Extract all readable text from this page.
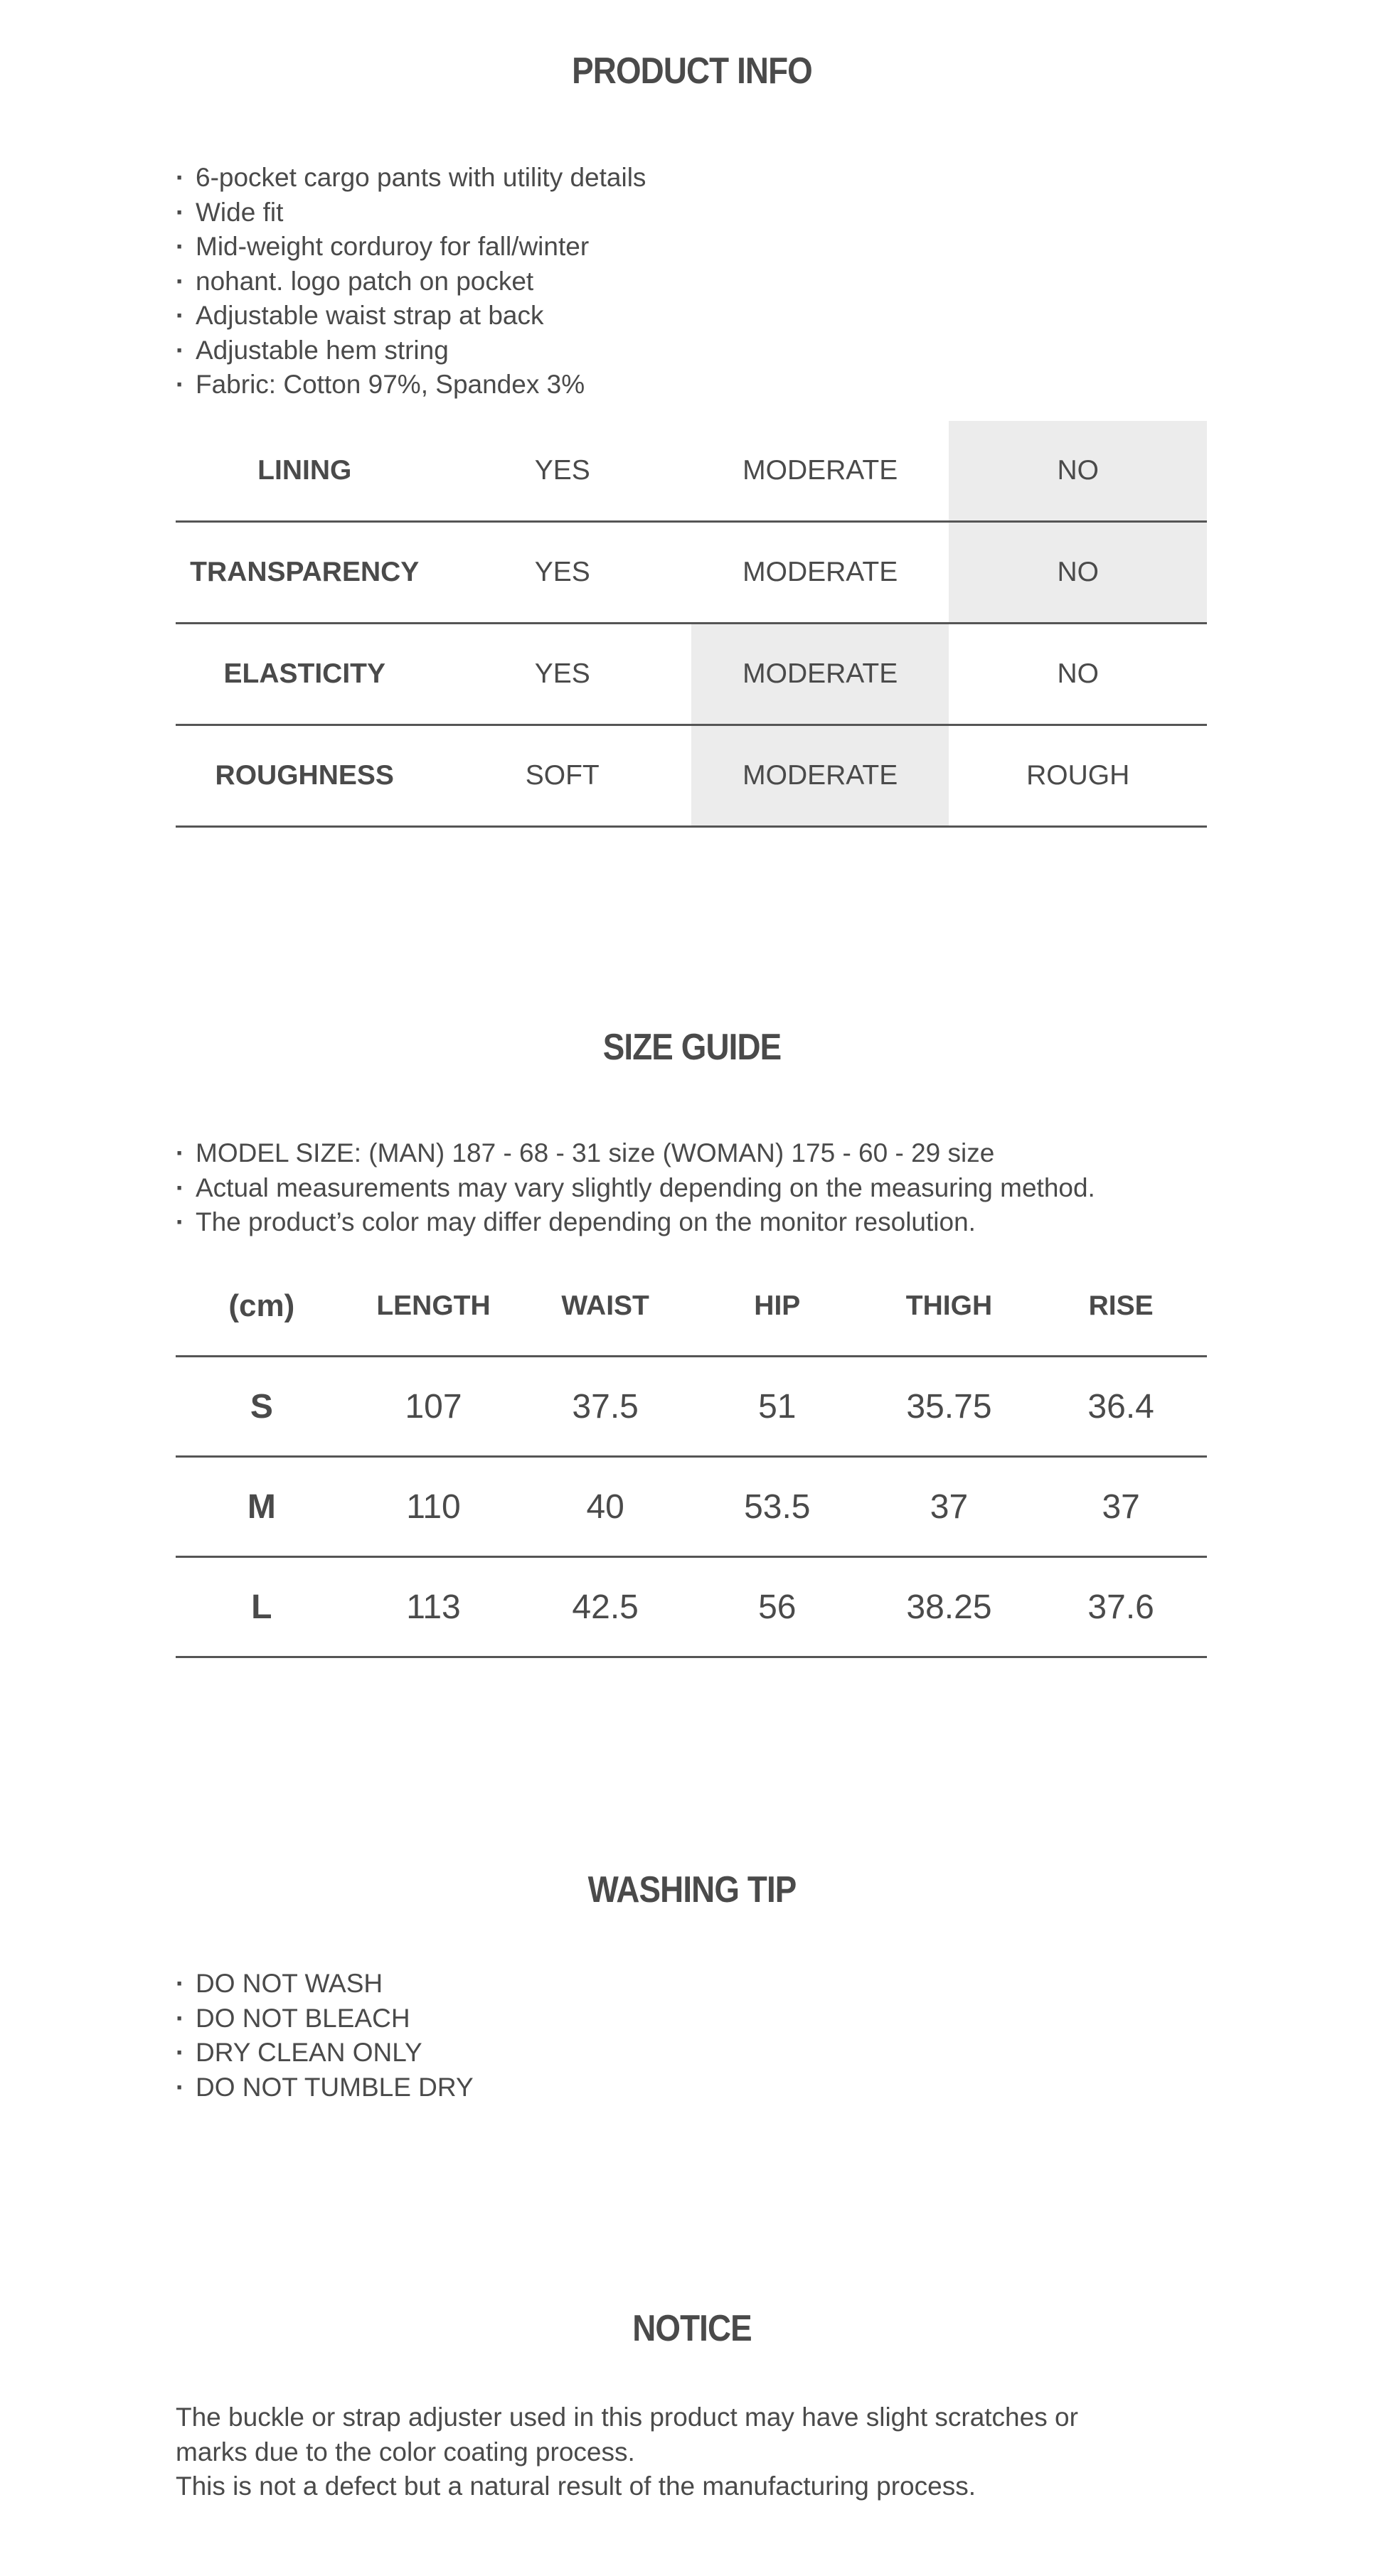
PRODUCT INFO
· 6-pocket cargo pants with utility details
· Wide fit
· Mid-weight corduroy for fall/winter
· nohant. logo patch on pocket
· Adjustable waist strap at back
· Adjustable hem string
· Fabric: Cotton 97%, Spandex 3%
LINING	YES	MODERATE	NO
TRANSPARENCY	YES	MODERATE	NO
ELASTICITY	YES	MODERATE	NO
ROUGHNESS	SOFT	MODERATE	ROUGH
SIZE GUIDE
· MODEL SIZE: (MAN) 187 - 68 - 31 size (WOMAN) 175 - 60 - 29 size
· Actual measurements may vary slightly depending on the measuring method.
· The product’s color may differ depending on the monitor resolution.
(cm)	LENGTH	WAIST	HIP	THIGH	RISE
S	107	37.5	51	35.75	36.4
M	110	40	53.5	37	37
L	113	42.5	56	38.25	37.6
WASHING TIP
· DO NOT WASH
· DO NOT BLEACH
· DRY CLEAN ONLY
· DO NOT TUMBLE DRY
NOTICE

The buckle or strap adjuster used in this product may have slight scratches or
marks due to the color coating process.
This is not a defect but a natural result of the manufacturing process.
